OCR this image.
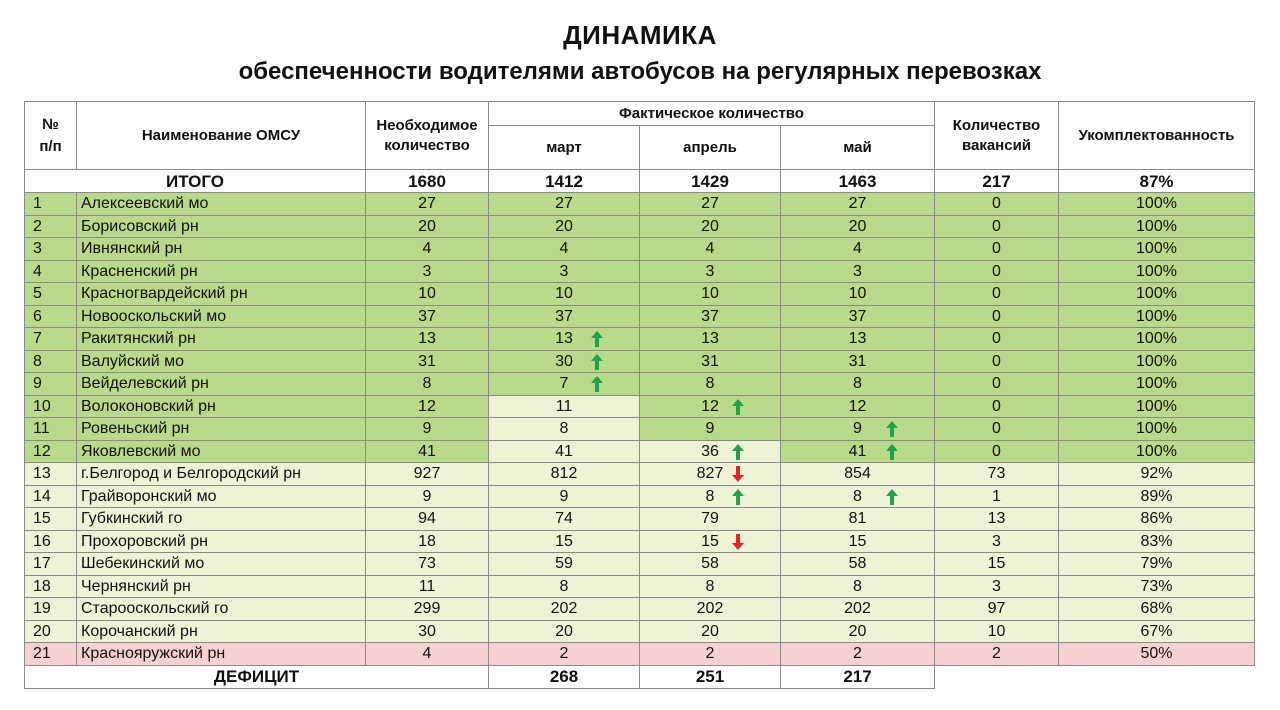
ДИНАМИКА
обеспеченности водителями автобусов на регулярных перевозках
№ п/п	Наименование ОМСУ	Необходимое количество	Фактическое количество			Количество вакансий	Укомплектованность
			март	апрель	май		
ИТОГО		1680	1412	1429	1463	217	87%
1	Алексеевский мо	27	27	27	27	0	100%
2	Борисовский рн	20	20	20	20	0	100%
3	Ивнянский рн	4	4	4	4	0	100%
4	Красненский рн	3	3	3	3	0	100%
5	Красногвардейский рн	10	10	10	10	0	100%
6	Новооскольский мо	37	37	37	37	0	100%
7	Ракитянский рн	13	13	13	13	0	100%
8	Валуйский мо	31	30	31	31	0	100%
9	Вейделевский рн	8	7	8	8	0	100%
10	Волоконовский рн	12	11	12	12	0	100%
11	Ровеньский рн	9	8	9	9	0	100%
12	Яковлевский мо	41	41	36	41	0	100%
13	г.Белгород и Белгородский рн	927	812	827	854	73	92%
14	Грайворонский мо	9	9	8	8	1	89%
15	Губкинский го	94	74	79	81	13	86%
16	Прохоровский рн	18	15	15	15	3	83%
17	Шебекинский мо	73	59	58	58	15	79%
18	Чернянский рн	11	8	8	8	3	73%
19	Старооскольский го	299	202	202	202	97	68%
20	Корочанский рн	30	20	20	20	10	67%
21	Краснояружский рн	4	2	2	2	2	50%
ДЕФИЦИТ			268	251	217		
